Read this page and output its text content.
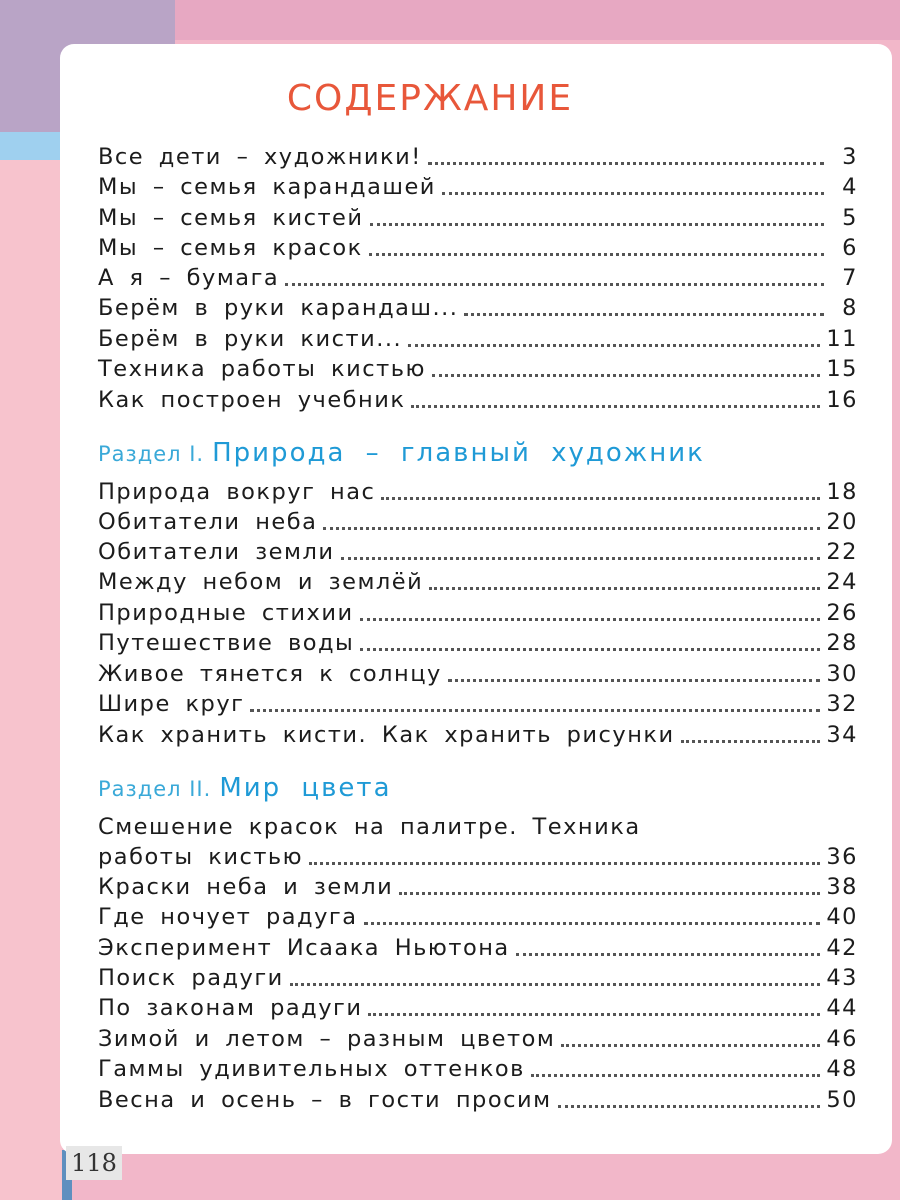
СОДЕРЖАНИЕ
Все дети – художники!	3
Мы – семья карандашей	4
Мы – семья кистей	5
Мы – семья красок	6
А я – бумага	7
Берём в руки карандаш...	8
Берём в руки кисти...	11
Техника работы кистью	15
Как построен учебник	16
Раздел I. Природа – главный художник
Природа вокруг нас	18
Обитатели неба	20
Обитатели земли	22
Между небом и землёй	24
Природные стихии	26
Путешествие воды	28
Живое тянется к солнцу	30
Шире круг	32
Как хранить кисти. Как хранить рисунки	34
Раздел II. Мир цвета
Смешение красок на палитре. Техника
работы кистью	36
Краски неба и земли	38
Где ночует радуга	40
Эксперимент Исаака Ньютона	42
Поиск радуги	43
По законам радуги	44
Зимой и летом – разным цветом	46
Гаммы удивительных оттенков	48
Весна и осень – в гости просим	50
118
